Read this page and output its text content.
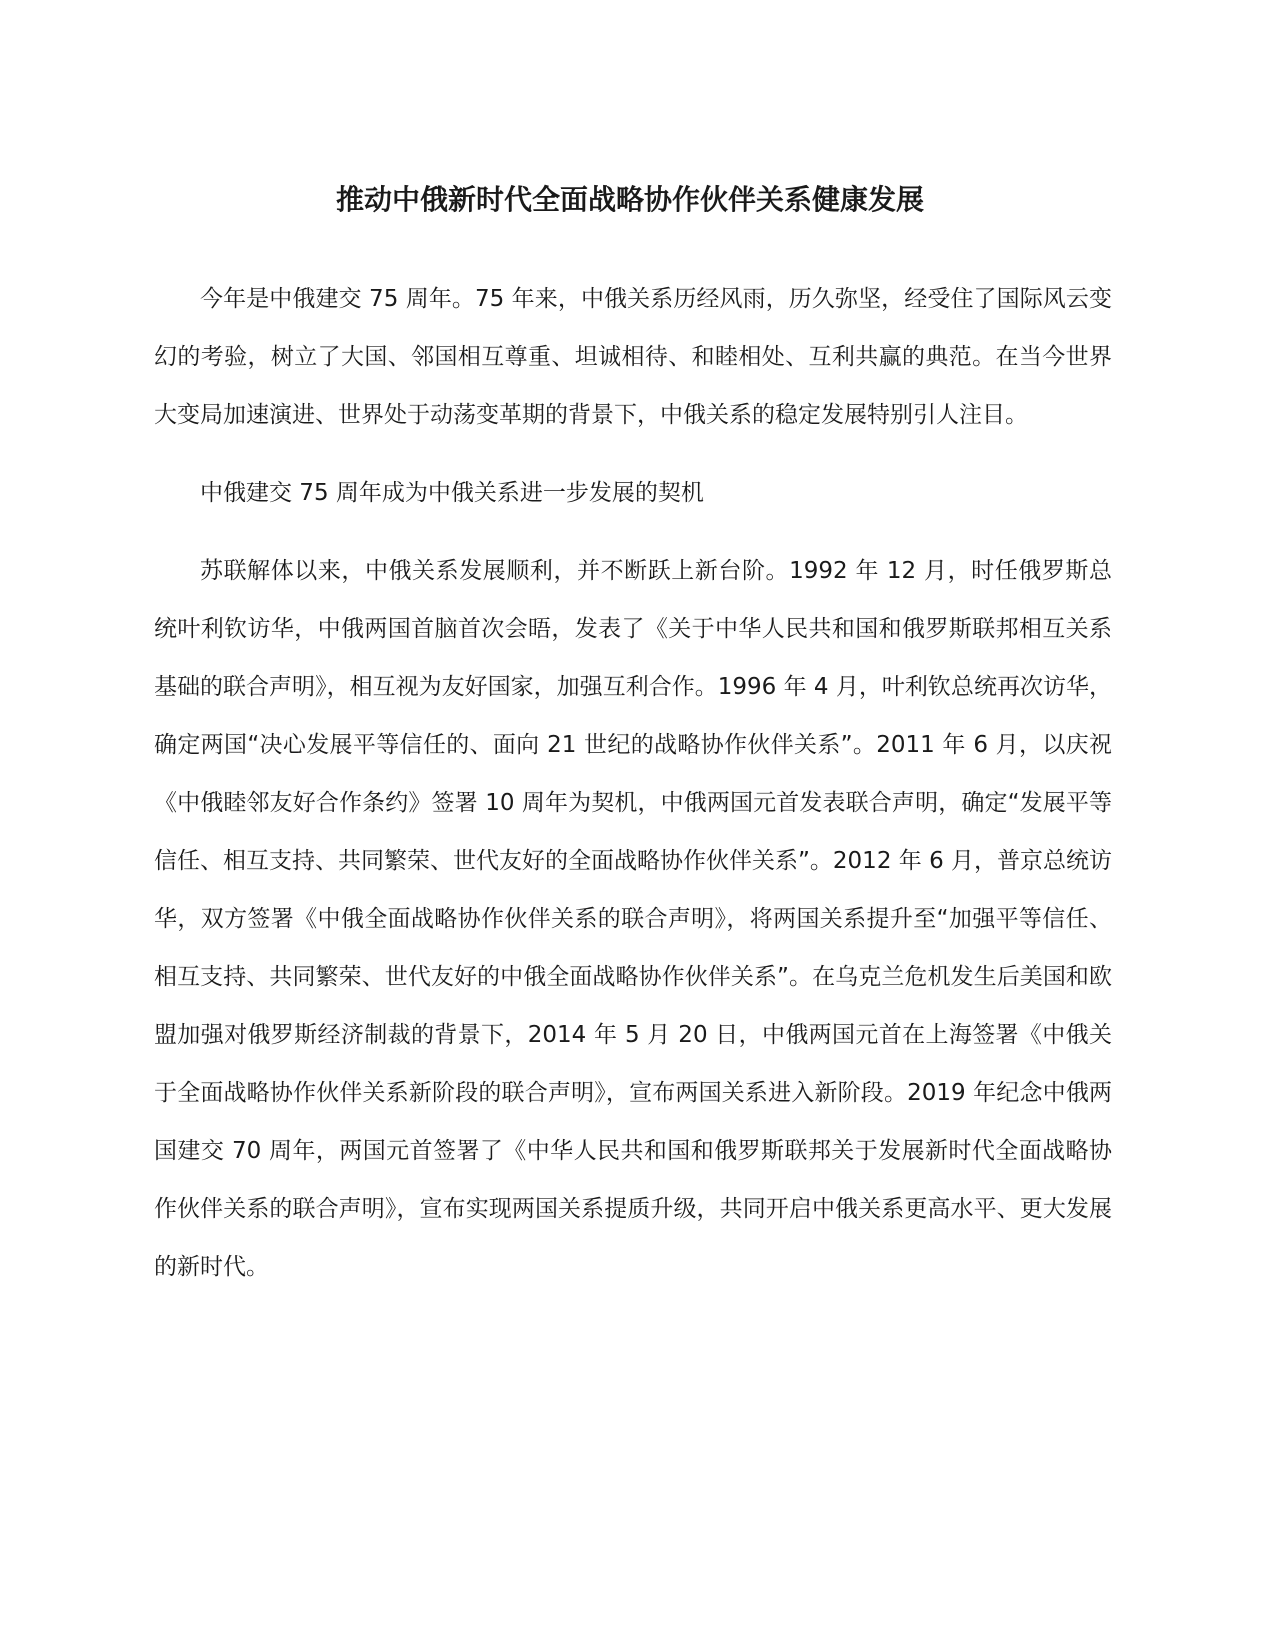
推动中俄新时代全面战略协作伙伴关系健康发展

今年是中俄建交 75 周年。75 年来，中俄关系历经风雨，历久弥坚，经受住了国际风云变幻的考验，树立了大国、邻国相互尊重、坦诚相待、和睦相处、互利共赢的典范。在当今世界大变局加速演进、世界处于动荡变革期的背景下，中俄关系的稳定发展特别引人注目。

中俄建交 75 周年成为中俄关系进一步发展的契机

苏联解体以来，中俄关系发展顺利，并不断跃上新台阶。1992 年 12 月，时任俄罗斯总统叶利钦访华，中俄两国首脑首次会晤，发表了《关于中华人民共和国和俄罗斯联邦相互关系基础的联合声明》，相互视为友好国家，加强互利合作。1996 年 4 月，叶利钦总统再次访华，确定两国“决心发展平等信任的、面向 21 世纪的战略协作伙伴关系”。2011 年 6 月，以庆祝《中俄睦邻友好合作条约》签署 10 周年为契机，中俄两国元首发表联合声明，确定“发展平等信任、相互支持、共同繁荣、世代友好的全面战略协作伙伴关系”。2012 年 6 月，普京总统访华，双方签署《中俄全面战略协作伙伴关系的联合声明》，将两国关系提升至“加强平等信任、相互支持、共同繁荣、世代友好的中俄全面战略协作伙伴关系”。在乌克兰危机发生后美国和欧盟加强对俄罗斯经济制裁的背景下，2014 年 5 月 20 日，中俄两国元首在上海签署《中俄关于全面战略协作伙伴关系新阶段的联合声明》，宣布两国关系进入新阶段。2019 年纪念中俄两国建交 70 周年，两国元首签署了《中华人民共和国和俄罗斯联邦关于发展新时代全面战略协作伙伴关系的联合声明》，宣布实现两国关系提质升级，共同开启中俄关系更高水平、更大发展的新时代。
